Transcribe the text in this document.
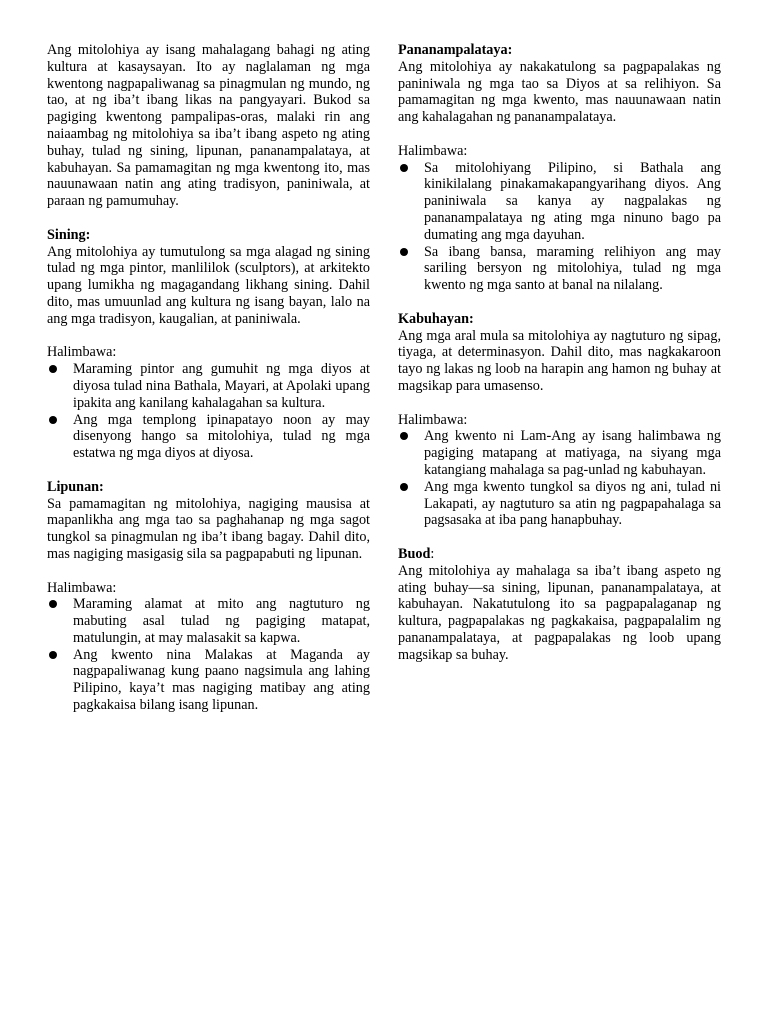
Ang mitolohiya ay isang mahalagang bahagi ng ating kultura at kasaysayan. Ito ay naglalaman ng mga kwentong nagpapaliwanag sa pinagmulan ng mundo, ng tao, at ng iba’t ibang likas na pangyayari. Bukod sa pagiging kwentong pampalipas-oras, malaki rin ang naiaambag ng mitolohiya sa iba’t ibang aspeto ng ating buhay, tulad ng sining, lipunan, pananampalataya, at kabuhayan. Sa pamamagitan ng mga kwentong ito, mas nauunawaan natin ang ating tradisyon, paniniwala, at paraan ng pamumuhay.

Sining:

Ang mitolohiya ay tumutulong sa mga alagad ng sining tulad ng mga pintor, manlililok (sculptors), at arkitekto upang lumikha ng magagandang likhang sining. Dahil dito, mas umuunlad ang kultura ng isang bayan, lalo na ang mga tradisyon, kaugalian, at paniniwala.

Halimbawa:

Maraming pintor ang gumuhit ng mga diyos at diyosa tulad nina Bathala, Mayari, at Apolaki upang ipakita ang kanilang kahalagahan sa kultura.
Ang mga templong ipinapatayo noon ay may disenyong hango sa mitolohiya, tulad ng mga estatwa ng mga diyos at diyosa.

Lipunan:

Sa pamamagitan ng mitolohiya, nagiging mausisa at mapanlikha ang mga tao sa paghahanap ng mga sagot tungkol sa pinagmulan ng iba’t ibang bagay. Dahil dito, mas nagiging masigasig sila sa pagpapabuti ng lipunan.

Halimbawa:

Maraming alamat at mito ang nagtuturo ng mabuting asal tulad ng pagiging matapat, matulungin, at may malasakit sa kapwa.
Ang kwento nina Malakas at Maganda ay nagpapaliwanag kung paano nagsimula ang lahing Pilipino, kaya’t mas nagiging matibay ang ating pagkakaisa bilang isang lipunan.

Pananampalataya:

Ang mitolohiya ay nakakatulong sa pagpapalakas ng paniniwala ng mga tao sa Diyos at sa relihiyon. Sa pamamagitan ng mga kwento, mas nauunawaan natin ang kahalagahan ng pananampalataya.

Halimbawa:

Sa mitolohiyang Pilipino, si Bathala ang kinikilalang pinakamakapangyarihang diyos. Ang paniniwala sa kanya ay nagpalakas ng pananampalataya ng ating mga ninuno bago pa dumating ang mga dayuhan.
Sa ibang bansa, maraming relihiyon ang may sariling bersyon ng mitolohiya, tulad ng mga kwento ng mga santo at banal na nilalang.

Kabuhayan:

Ang mga aral mula sa mitolohiya ay nagtuturo ng sipag, tiyaga, at determinasyon. Dahil dito, mas nagkakaroon tayo ng lakas ng loob na harapin ang hamon ng buhay at magsikap para umasenso.

Halimbawa:

Ang kwento ni Lam-Ang ay isang halimbawa ng pagiging matapang at matiyaga, na siyang mga katangiang mahalaga sa pag-unlad ng kabuhayan.
Ang mga kwento tungkol sa diyos ng ani, tulad ni Lakapati, ay nagtuturo sa atin ng pagpapahalaga sa pagsasaka at iba pang hanapbuhay.

Buod:

Ang mitolohiya ay mahalaga sa iba’t ibang aspeto ng ating buhay—sa sining, lipunan, pananampalataya, at kabuhayan. Nakatutulong ito sa pagpapalaganap ng kultura, pagpapalakas ng pagkakaisa, pagpapalalim ng pananampalataya, at pagpapalakas ng loob upang magsikap sa buhay.
